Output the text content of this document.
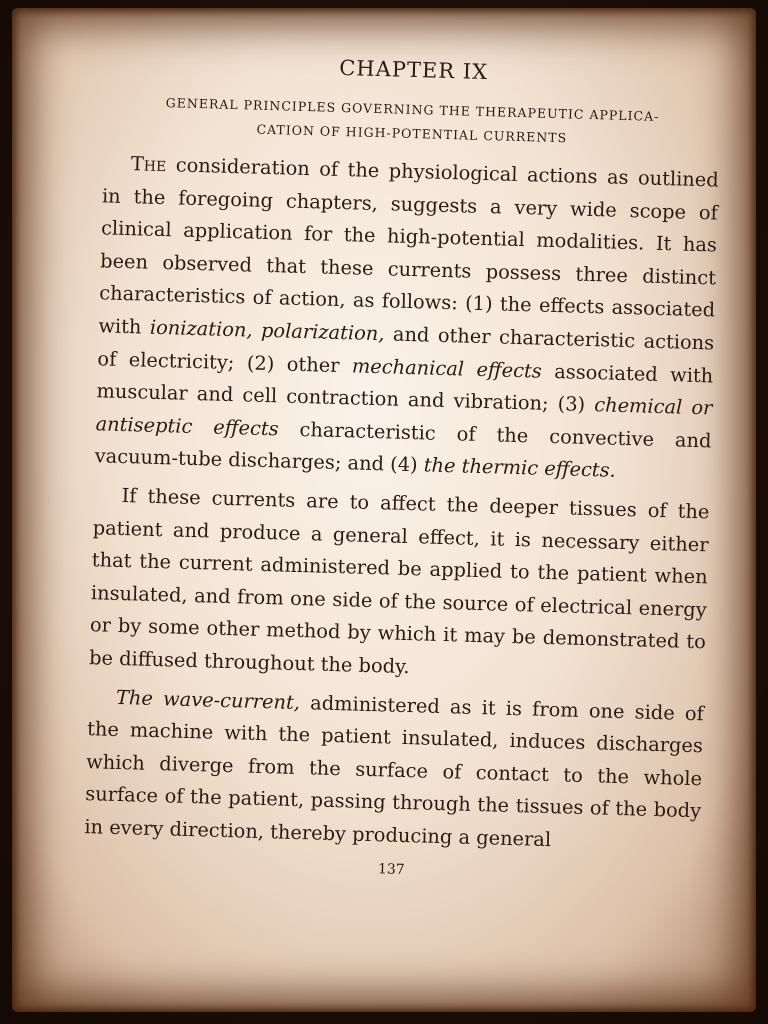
CHAPTER IX
GENERAL PRINCIPLES GOVERNING THE THERAPEUTIC APPLICA-
CATION OF HIGH-POTENTIAL CURRENTS

The consideration of the physiological actions as outlined in the foregoing chapters, suggests a very wide scope of clinical application for the high-potential modalities. It has been observed that these currents possess three distinct characteristics of action, as follows: (1) the effects associated with ionization, polarization, and other characteristic actions of electricity; (2) other mechanical effects associated with muscular and cell contraction and vibration; (3) chemical or antiseptic effects characteristic of the convective and vacuum-tube discharges; and (4) the thermic effects.

If these currents are to affect the deeper tissues of the patient and produce a general effect, it is necessary either that the current administered be applied to the patient when insulated, and from one side of the source of electrical energy or by some other method by which it may be demonstrated to be diffused throughout the body.

The wave-current, administered as it is from one side of the machine with the patient insulated, induces discharges which diverge from the surface of contact to the whole surface of the patient, passing through the tissues of the body in every direction, thereby producing a general

137
